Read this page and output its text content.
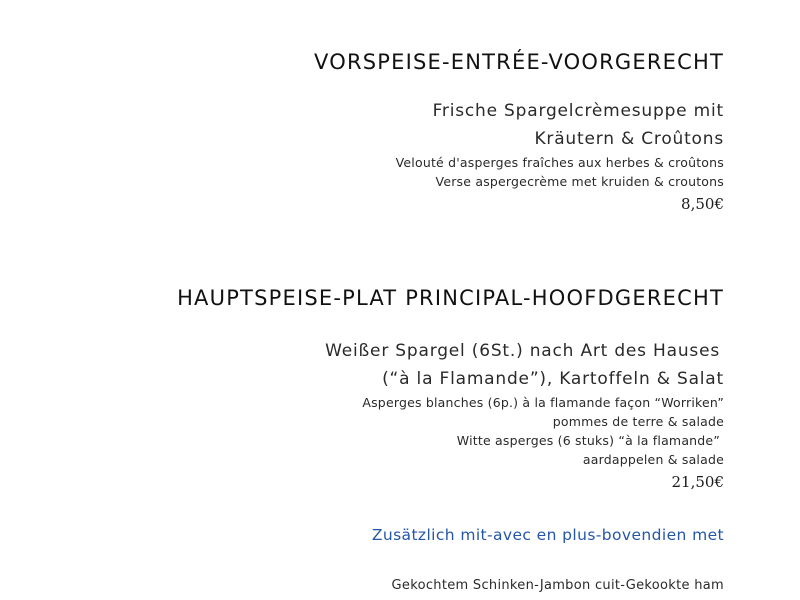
VORSPEISE-ENTRÉE-VOORGERECHT
Frische Spargelcrèmesuppe mit
Kräutern & Croûtons
Velouté d'asperges fraîches aux herbes & croûtons
Verse aspergecrème met kruiden & croutons
8,50€
HAUPTSPEISE-PLAT PRINCIPAL-HOOFDGERECHT
Weißer Spargel (6St.) nach Art des Hauses
(“à la Flamande”), Kartoffeln & Salat
Asperges blanches (6p.) à la flamande façon “Worriken”
pommes de terre & salade
Witte asperges (6 stuks) “à la flamande”
aardappelen & salade
21,50€
Zusätzlich mit-avec en plus-bovendien met
Gekochtem Schinken-Jambon cuit-Gekookte ham
